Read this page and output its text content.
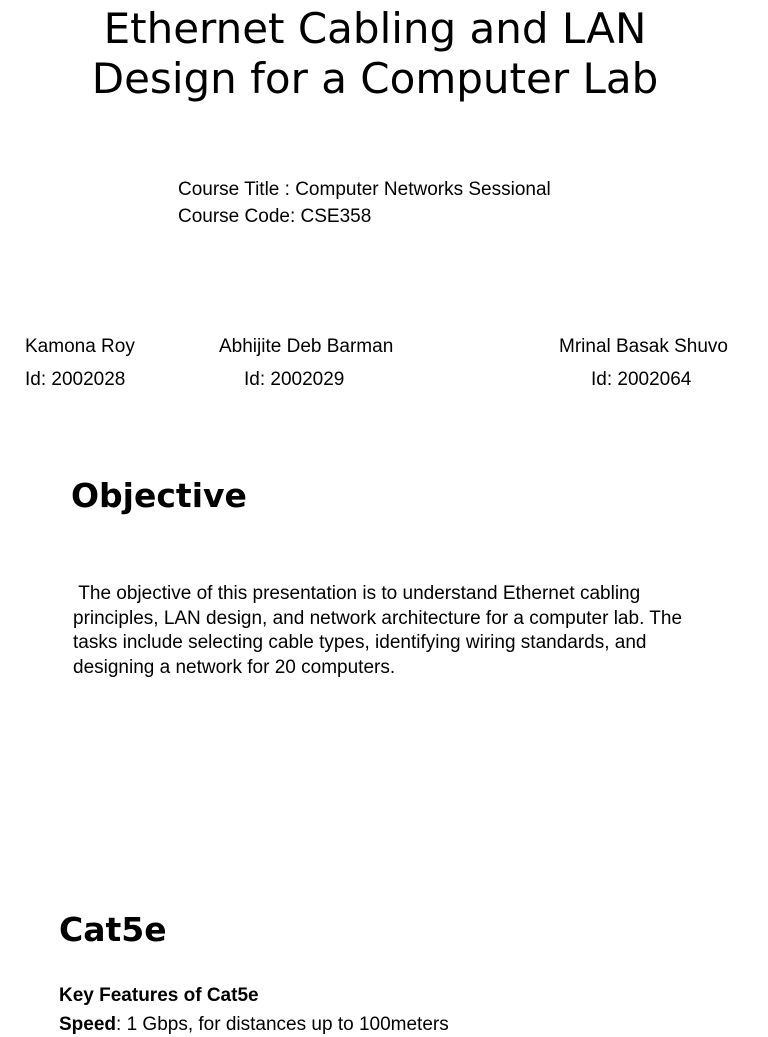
Ethernet Cabling and LAN Design for a Computer Lab
Course Title : Computer Networks Sessional
Course Code: CSE358
Kamona Roy
Id: 2002028
Abhijite Deb Barman
Id: 2002029
Mrinal Basak Shuvo
Id: 2002064
Objective

The objective of this presentation is to understand Ethernet cabling principles, LAN design, and network architecture for a computer lab. The tasks include selecting cable types, identifying wiring standards, and designing a network for 20 computers.

Cat5e

Key Features of Cat5e

Speed: 1 Gbps, for distances up to 100meters
